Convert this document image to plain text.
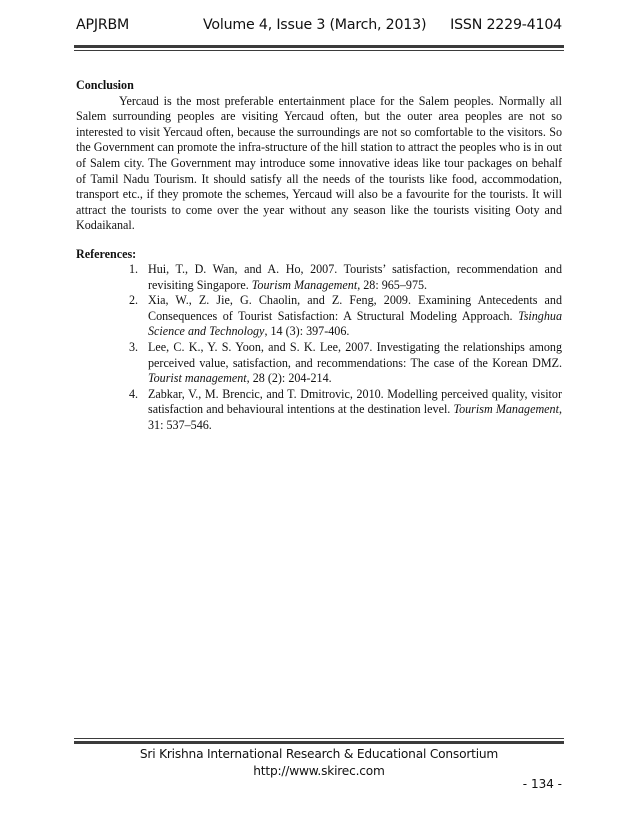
APJRBM	Volume 4, Issue 3 (March, 2013) ISSN 2229-4104
Conclusion

Yercaud is the most preferable entertainment place for the Salem peoples. Normally all Salem surrounding peoples are visiting Yercaud often, but the outer area peoples are not so interested to visit Yercaud often, because the surroundings are not so comfortable to the visitors. So the Government can promote the infra-structure of the hill station to attract the peoples who is in out of Salem city. The Government may introduce some innovative ideas like tour packages on behalf of Tamil Nadu Tourism. It should satisfy all the needs of the tourists like food, accommodation, transport etc., if they promote the schemes, Yercaud will also be a favourite for the tourists. It will attract the tourists to come over the year without any season like the tourists visiting Ooty and Kodaikanal.

References:
1. Hui, T., D. Wan, and A. Ho, 2007. Tourists’ satisfaction, recommendation and revisiting Singapore. Tourism Management, 28: 965–975.
2. Xia, W., Z. Jie, G. Chaolin, and Z. Feng, 2009. Examining Antecedents and Consequences of Tourist Satisfaction: A Structural Modeling Approach. Tsinghua Science and Technology, 14 (3): 397-406.
3. Lee, C. K., Y. S. Yoon, and S. K. Lee, 2007. Investigating the relationships among perceived value, satisfaction, and recommendations: The case of the Korean DMZ. Tourist management, 28 (2): 204-214.
4. Zabkar, V., M. Brencic, and T. Dmitrovic, 2010. Modelling perceived quality, visitor satisfaction and behavioural intentions at the destination level. Tourism Management, 31: 537–546.
Sri Krishna International Research & Educational Consortium
http://www.skirec.com
- 134 -
